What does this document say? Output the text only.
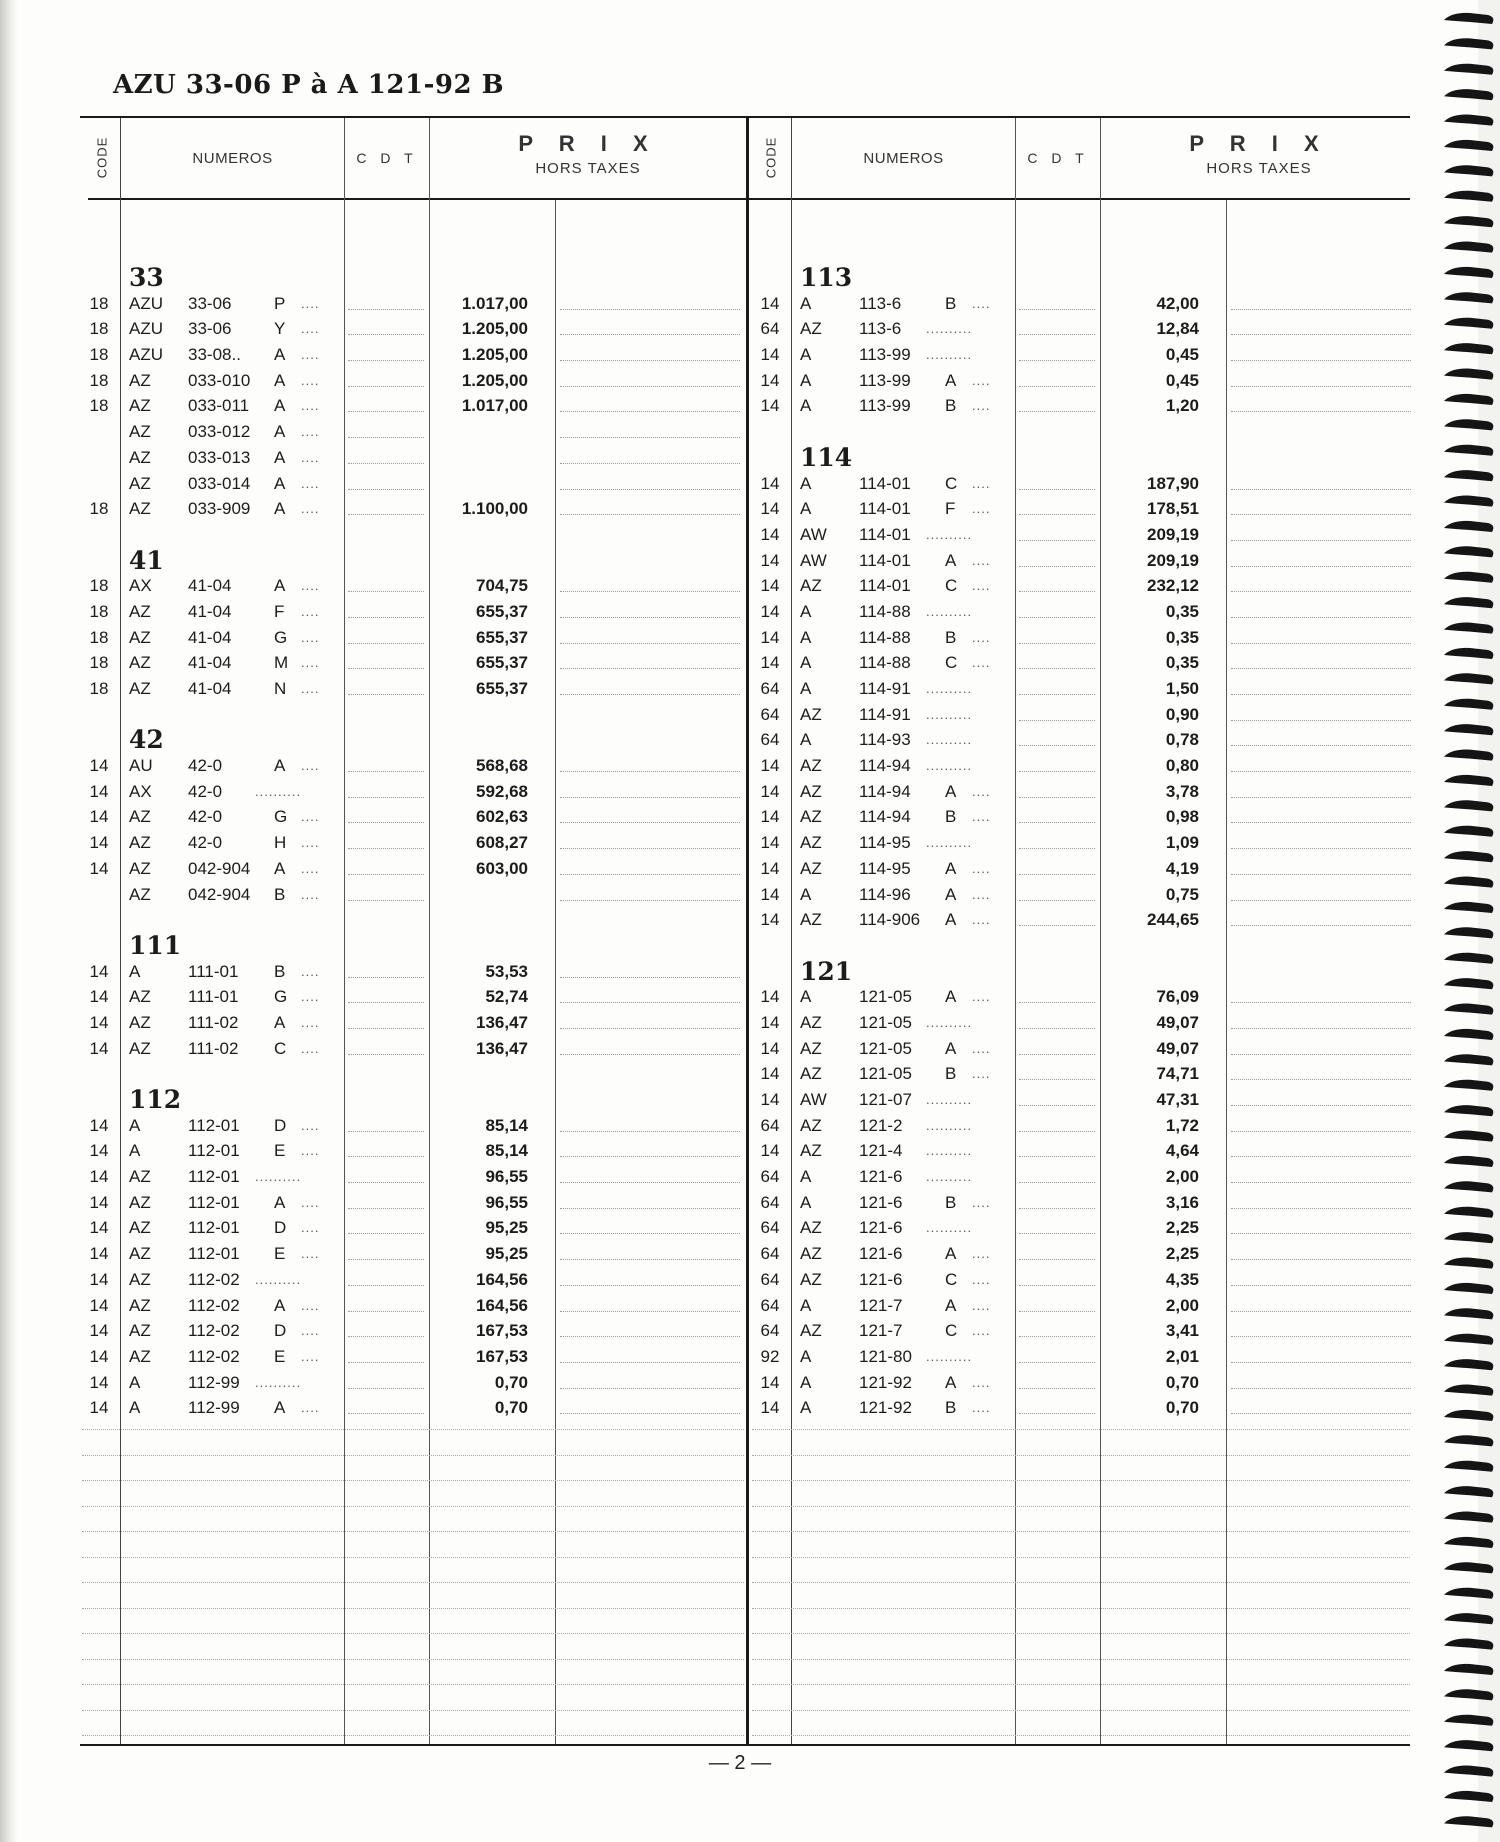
AZU 33-06 P à A 121-92 B
CODE	NUMEROS	C D T
P R I X
HORS TAXES	CODE	NUMEROS	C D T
P R I X
HORS TAXES
33
18 AZU 33-06	P ....	1.017,00
18 AZU 33-06	Y ....	1.205,00
18 AZU 33-08.. A ....	1.205,00
18 AZ 033-010 A ....	1.205,00
18 AZ 033-011 A ....	1.017,00
AZ 033-012 A ....
AZ 033-013 A ....
AZ 033-014 A ....
18 AZ 033-909 A ....	1.100,00
41
18 AX 41-04	A ....	704,75
18 AZ 41-04	F ....	655,37
18 AZ 41-04	G ....	655,37
18 AZ 41-04	M ....	655,37
18 AZ 41-04	N ....	655,37
42
14 AU 42-0	A ....	568,68
14 AX 42-0	..........	592,68
14 AZ 42-0	G ....	602,63
14 AZ 42-0	H ....	608,27
14 AZ 042-904 A ....	603,00
AZ 042-904 B ....
111
14 A	111-01 B ....	53,53
14 AZ 111-01 G ....	52,74
14 AZ 111-02 A ....	136,47
14 AZ 111-02 C ....	136,47
112
14 A	112-01 D ....	85,14
14 A	112-01 E ....	85,14
14 AZ 112-01 ..........	96,55
14 AZ 112-01 A ....	96,55
14 AZ 112-01 D ....	95,25
14 AZ 112-01 E ....	95,25
14 AZ 112-02 ..........	164,56
14 AZ 112-02 A ....	164,56
14 AZ 112-02 D ....	167,53
14 AZ 112-02 E ....	167,53
14 A	112-99 ..........	0,70
14 A	112-99 A ....	0,70
113
14 A	113-6	B ....	42,00
64 AZ 113-6 ..........	12,84
14 A	113-99 ..........	0,45
14 A	113-99 A ....	0,45
14 A	113-99 B ....	1,20
114
14 A	114-01 C ....	187,90
14 A	114-01 F ....	178,51
14 AW 114-01 ..........	209,19
14 AW 114-01 A ....	209,19
14 AZ 114-01 C ....	232,12
14 A	114-88 ..........	0,35
14 A	114-88 B ....	0,35
14 A	114-88 C ....	0,35
64 A	114-91 ..........	1,50
64 AZ 114-91 ..........	0,90
64 A	114-93 ..........	0,78
14 AZ 114-94 ..........	0,80
14 AZ 114-94 A ....	3,78
14 AZ 114-94 B ....	0,98
14 AZ 114-95 ..........	1,09
14 AZ 114-95 A ....	4,19
14 A	114-96 A ....	0,75
14 AZ 114-906 A ....	244,65
121
14 A	121-05 A ....	76,09
14 AZ 121-05 ..........	49,07
14 AZ 121-05 A ....	49,07
14 AZ 121-05 B ....	74,71
14 AW 121-07 ..........	47,31
64 AZ 121-2 ..........	1,72
14 AZ 121-4 ..........	4,64
64 A	121-6 ..........	2,00
64 A	121-6	B ....	3,16
64 AZ 121-6 ..........	2,25
64 AZ 121-6	A ....	2,25
64 AZ 121-6	C ....	4,35
64 A	121-7	A ....	2,00
64 AZ 121-7	C ....	3,41
92 A	121-80 ..........	2,01
14 A	121-92 A ....	0,70
14 A	121-92 B ....	0,70
— 2 —
